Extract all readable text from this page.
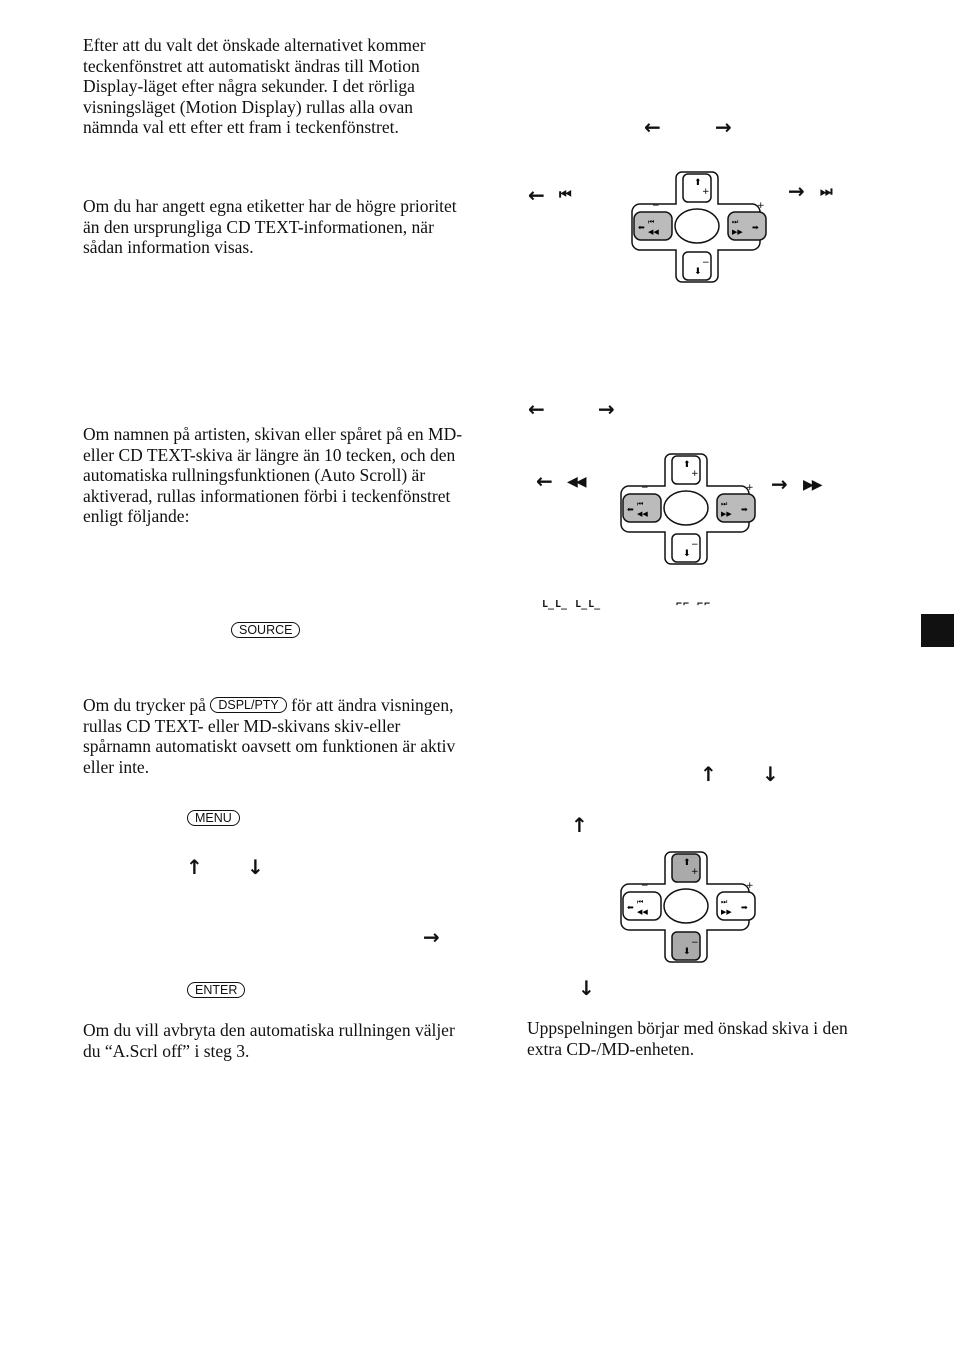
Efter att du valt det önskade alternativet kommer teckenfönstret att automatiskt ändras till Motion Display-läget efter några sekunder. I det rörliga visningsläget (Motion Display) rullas alla ovan nämnda val ett efter ett fram i teckenfönstret.

Om du har angett egna etiketter har de högre prioritet än den ursprungliga CD TEXT-informationen, när sådan information visas.

Om namnen på artisten, skivan eller spåret på en MD- eller CD TEXT-skiva är längre än 10 tecken, och den automatiska rullningsfunktionen (Auto Scroll) är aktiverad, rullas informationen förbi i teckenfönstret enligt följande:

SOURCE

Om du trycker på DSPL/PTY för att ändra visningen, rullas CD TEXT- eller MD-skivans skiv-eller spårnamn automatiskt oavsett om funktionen är aktiv eller inte.

MENU
↑ ↓
→
ENTER

Om du vill avbryta den automatiska rullningen väljer du “A.Scrl off” i steg 3.

←	→
← ⏮	→ ⏭
⬆
+
−
⬇
⬅
⏮
◀◀
⏭
▶▶ ➡
−	+
←	→
← ◀◀	→ ▶▶
⬆
+
−
⬇
⬅
⏮
◀◀
⏭
▶▶ ➡
−	+
L̲L̲ L̲L̲	⌐⌐ ⌐⌐
↑ ↓
↑
⬆
+
−
⬇
⬅
⏮
◀◀
⏭
▶▶ ➡
−	+
↓

Uppspelningen börjar med önskad skiva i den extra CD-/MD-enheten.
